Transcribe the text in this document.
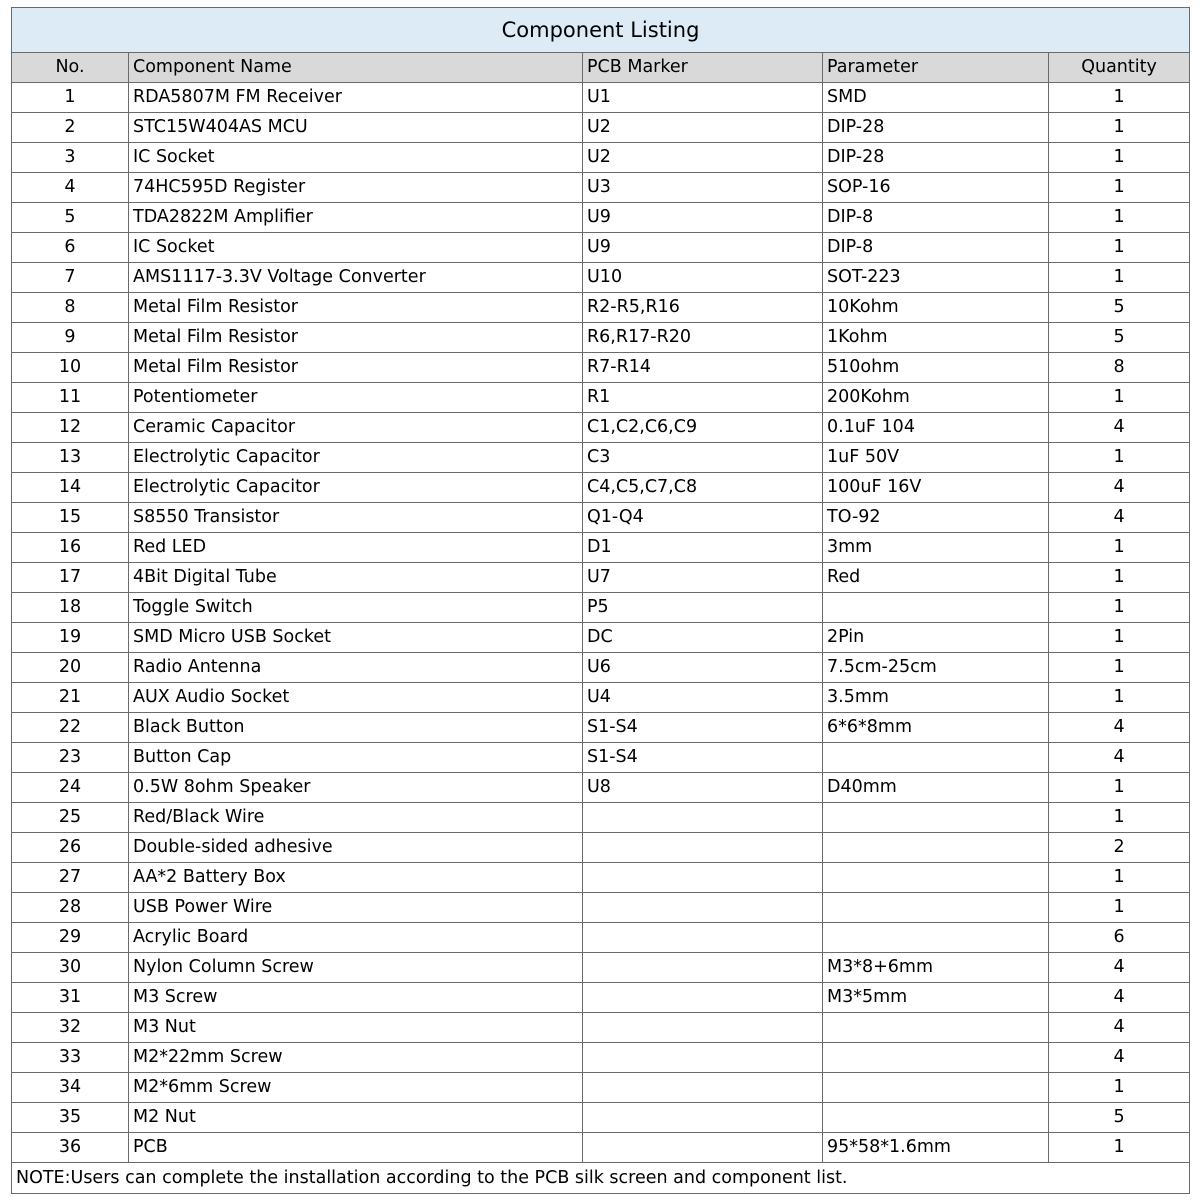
Component Listing				
No.	Component Name	PCB Marker	Parameter	Quantity
1	RDA5807M FM Receiver	U1	SMD	1
2	STC15W404AS MCU	U2	DIP-28	1
3	IC Socket	U2	DIP-28	1
4	74HC595D Register	U3	SOP-16	1
5	TDA2822M Amplifier	U9	DIP-8	1
6	IC Socket	U9	DIP-8	1
7	AMS1117-3.3V Voltage Converter	U10	SOT-223	1
8	Metal Film Resistor	R2-R5,R16	10Kohm	5
9	Metal Film Resistor	R6,R17-R20	1Kohm	5
10	Metal Film Resistor	R7-R14	510ohm	8
11	Potentiometer	R1	200Kohm	1
12	Ceramic Capacitor	C1,C2,C6,C9	0.1uF 104	4
13	Electrolytic Capacitor	C3	1uF 50V	1
14	Electrolytic Capacitor	C4,C5,C7,C8	100uF 16V	4
15	S8550 Transistor	Q1-Q4	TO-92	4
16	Red LED	D1	3mm	1
17	4Bit Digital Tube	U7	Red	1
18	Toggle Switch	P5		1
19	SMD Micro USB Socket	DC	2Pin	1
20	Radio Antenna	U6	7.5cm-25cm	1
21	AUX Audio Socket	U4	3.5mm	1
22	Black Button	S1-S4	6*6*8mm	4
23	Button Cap	S1-S4		4
24	0.5W 8ohm Speaker	U8	D40mm	1
25	Red/Black Wire			1
26	Double-sided adhesive			2
27	AA*2 Battery Box			1
28	USB Power Wire			1
29	Acrylic Board			6
30	Nylon Column Screw		M3*8+6mm	4
31	M3 Screw		M3*5mm	4
32	M3 Nut			4
33	M2*22mm Screw			4
34	M2*6mm Screw			1
35	M2 Nut			5
36	PCB		95*58*1.6mm	1
NOTE:Users can complete the installation according to the PCB silk screen and component list.				
